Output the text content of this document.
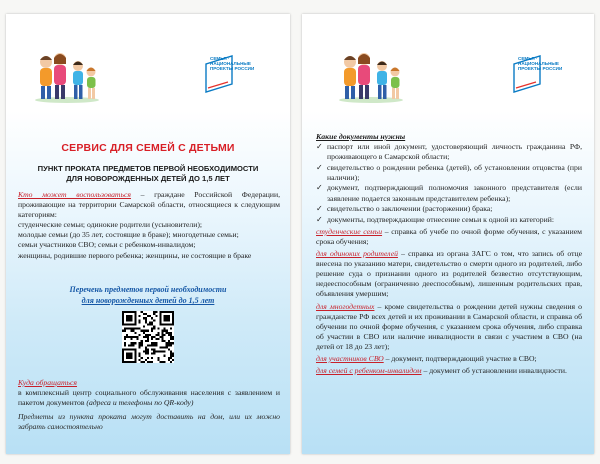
СЕМЬЯ · НАЦИОНАЛЬНЫЕ ПРОЕКТЫ РОССИИ
СЕРВИС ДЛЯ СЕМЕЙ С ДЕТЬМИ
ПУНКТ ПРОКАТА ПРЕДМЕТОВ ПЕРВОЙ НЕОБХОДИМОСТИ
ДЛЯ НОВОРОЖДЕННЫХ ДЕТЕЙ ДО 1,5 ЛЕТ
Кто может воспользоваться – граждане Российской Федерации, проживающие на территории Самарской области, относящиеся к следующим категориям:
студенческие семьи; одинокие родители (усыновители);
молодые семьи (до 35 лет, состоящие в браке); многодетные семьи;
семьи участников СВО; семьи с ребенком-инвалидом;
женщины, родившие первого ребенка; женщины, не состоящие в браке
Перечень предметов первой необходимости
для новорожденных детей до 1,5 лет
Куда обращаться
в комплексный центр социального обслуживания населения с заявлением и пакетом документов (адреса и телефоны по QR-коду)
Предметы из пункта проката могут доставить на дом, или их можно забрать самостоятельно
СЕМЬЯ · НАЦИОНАЛЬНЫЕ ПРОЕКТЫ РОССИИ
Какие документы нужны
✓ паспорт или иной документ, удостоверяющий личность гражданина РФ, проживающего в Самарской области;
✓ свидетельство о рождении ребенка (детей), об установлении отцовства (при наличии);
✓ документ, подтверждающий полномочия законного представителя (если заявление подается законным представителем ребенка);
✓ свидетельство о заключении (расторжении) брака;
✓ документы, подтверждающие отнесение семьи к одной из категорий:
студенческие семьи – справка об учебе по очной форме обучения, с указанием срока обучения;
для одиноких родителей – справка из органа ЗАГС о том, что запись об отце внесена по указанию матери, свидетельство о смерти одного из родителей, либо решение суда о признании одного из родителей безвестно отсутствующим, недееспособным (ограниченно дееспособным), лишенным родительских прав, объявления умершим;
для многодетных – кроме свидетельства о рождении детей нужны сведения о гражданстве РФ всех детей и их проживании в Самарской области, и справка об обучении по очной форме обучения, с указанием срока обучения, либо справка об участии в СВО или наличие инвалидности в связи с участием в СВО (на детей от 18 до 23 лет);
для участников СВО – документ, подтверждающий участие в СВО;
для семей с ребенком-инвалидом – документ об установлении инвалидности.
